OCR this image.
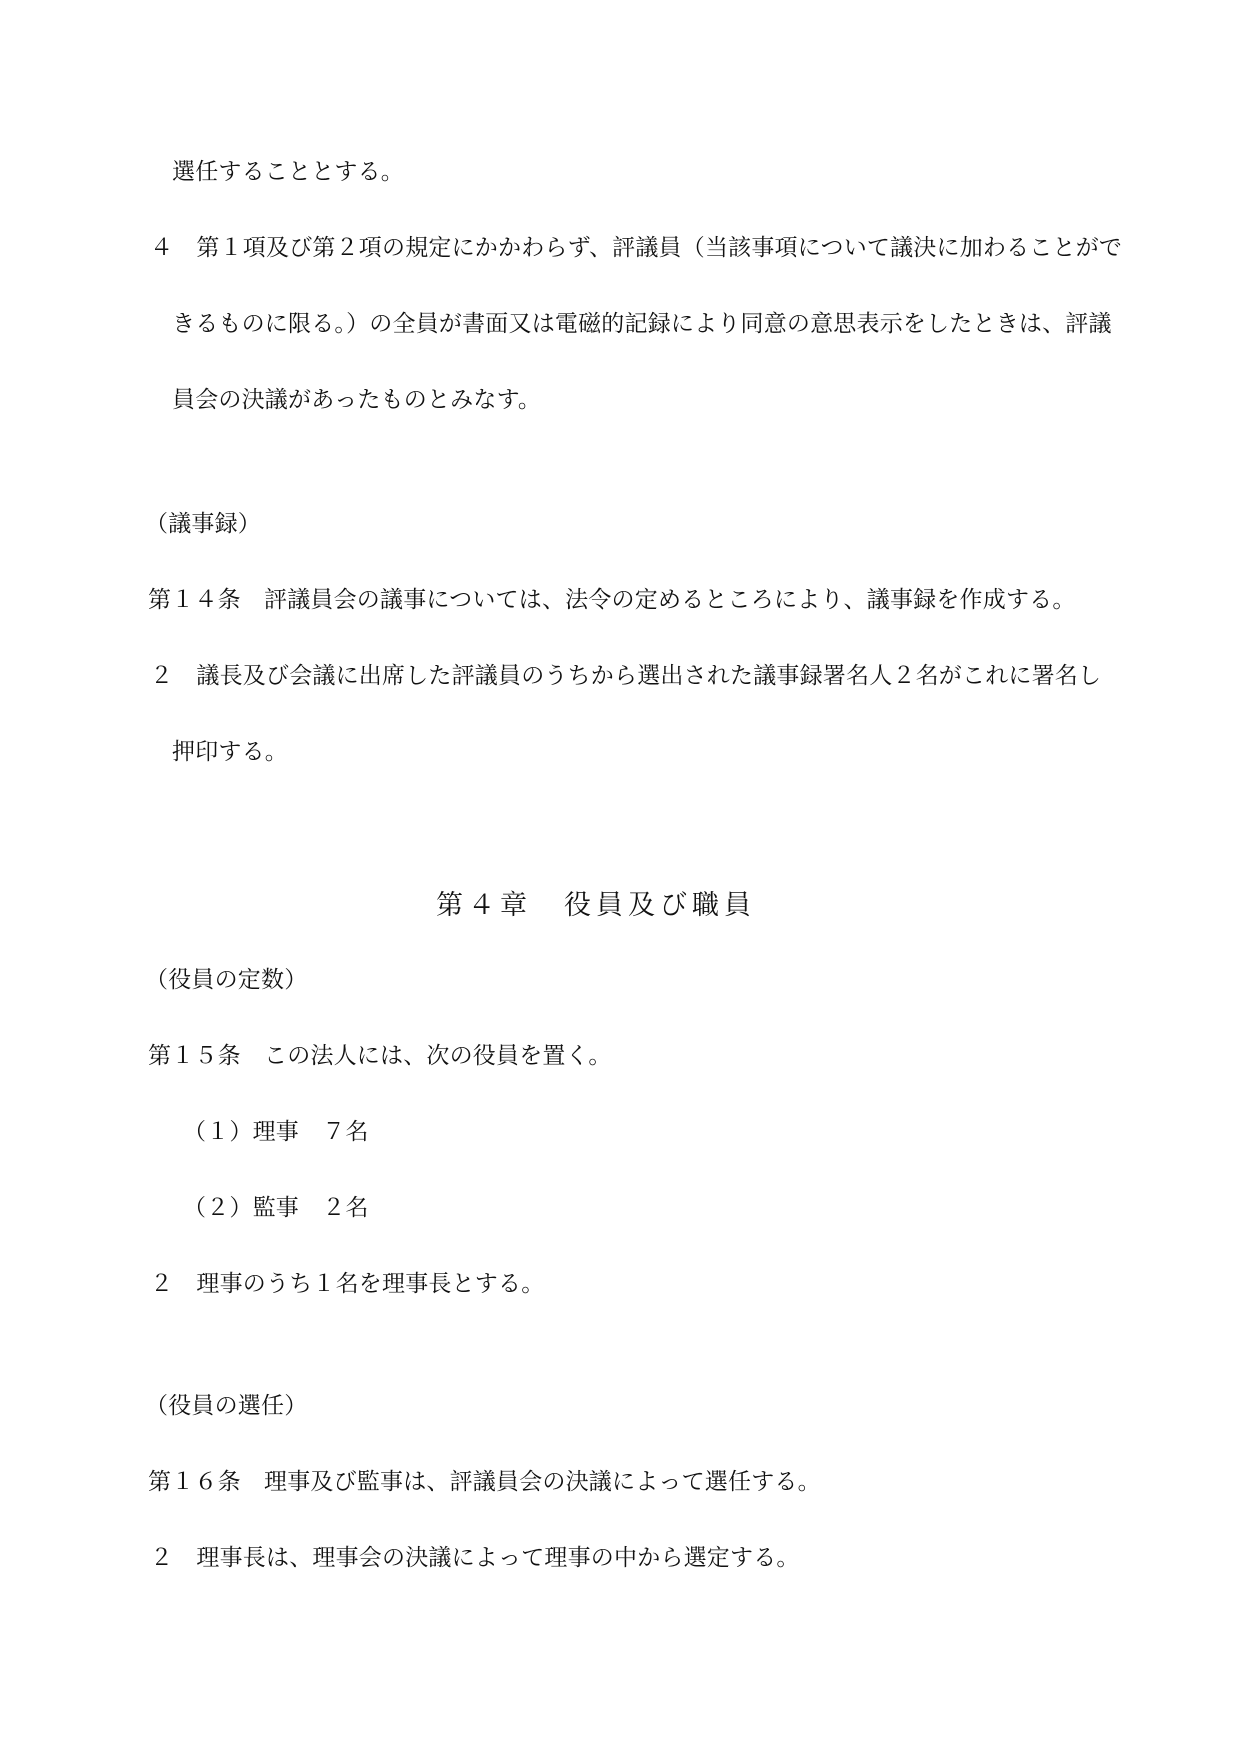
選任することとする。

４　第１項及び第２項の規定にかかわらず、評議員（当該事項について議決に加わることがで

きるものに限る。）の全員が書面又は電磁的記録により同意の意思表示をしたときは、評議

員会の決議があったものとみなす。

（議事録）

第１４条　評議員会の議事については、法令の定めるところにより、議事録を作成する。

２　議長及び会議に出席した評議員のうちから選出された議事録署名人２名がこれに署名し

押印する。

第４章　役員及び職員

（役員の定数）

第１５条　この法人には、次の役員を置く。

（１）理事　７名

（２）監事　２名

２　理事のうち１名を理事長とする。

（役員の選任）

第１６条　理事及び監事は、評議員会の決議によって選任する。

２　理事長は、理事会の決議によって理事の中から選定する。
